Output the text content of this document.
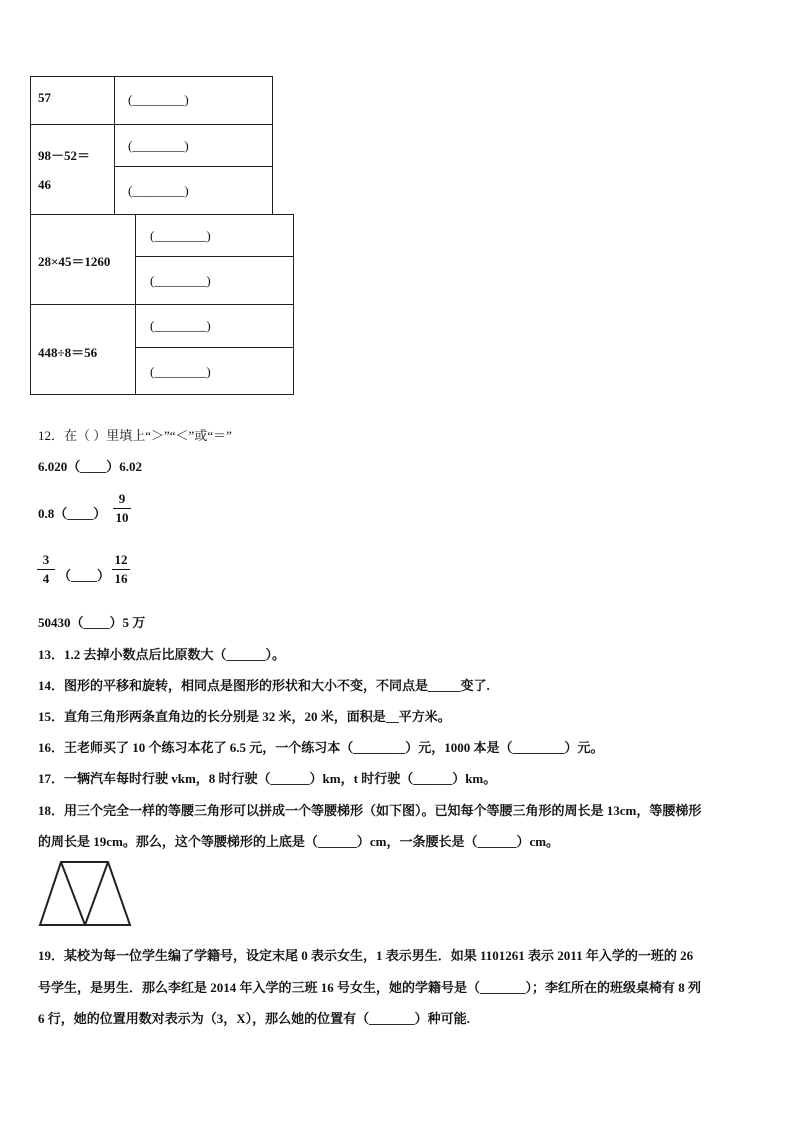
57	(________)
98－52＝
46
(________)
(________)
28×45＝1260
(________)
(________)
448÷8＝56
(________)
(________)
12．在（ ）里填上“＞”“＜”或“＝”
6.020（____）6.02
0.8（____）
9
10
3
4 （____）
12
16
50430（____）5 万
13．1.2 去掉小数点后比原数大（______）。
14．图形的平移和旋转，相同点是图形的形状和大小不变，不同点是_____变了.
15．直角三角形两条直角边的长分别是 32 米，20 米，面积是__平方米。
16．王老师买了 10 个练习本花了 6.5 元，一个练习本（________）元，1000 本是（________）元。
17．一辆汽车每时行驶 vkm，8 时行驶（______）km，t 时行驶（______）km。
18．用三个完全一样的等腰三角形可以拼成一个等腰梯形（如下图）。已知每个等腰三角形的周长是 13cm，等腰梯形
的周长是 19cm。那么，这个等腰梯形的上底是（______）cm，一条腰长是（______）cm。
19．某校为每一位学生编了学籍号，设定末尾 0 表示女生，1 表示男生．如果 1101261 表示 2011 年入学的一班的 26
号学生，是男生．那么李红是 2014 年入学的三班 16 号女生，她的学籍号是（_______）；李红所在的班级桌椅有 8 列
6 行，她的位置用数对表示为（3，X），那么她的位置有（_______）种可能.
